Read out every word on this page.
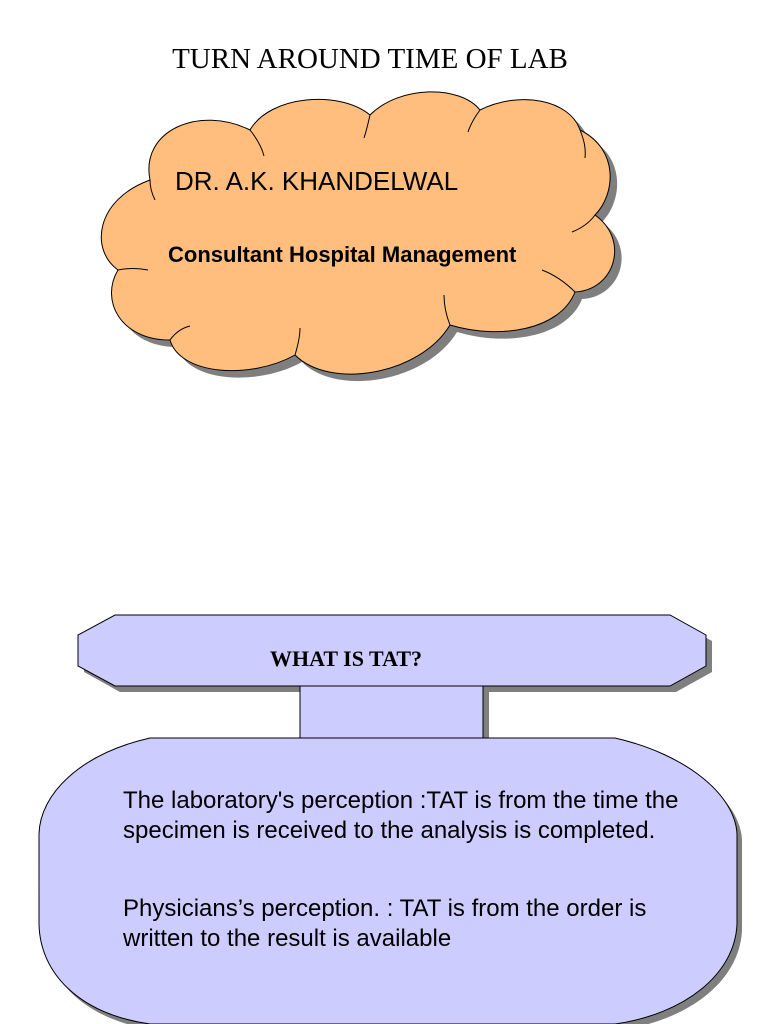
TURN AROUND TIME OF LAB

DR. A.K. KHANDELWAL

Consultant Hospital Management

WHAT IS TAT?

The laboratory's perception :TAT is from the time the specimen is received to the analysis is completed.

Physicians’s perception. : TAT is from the order is written to the result is available
